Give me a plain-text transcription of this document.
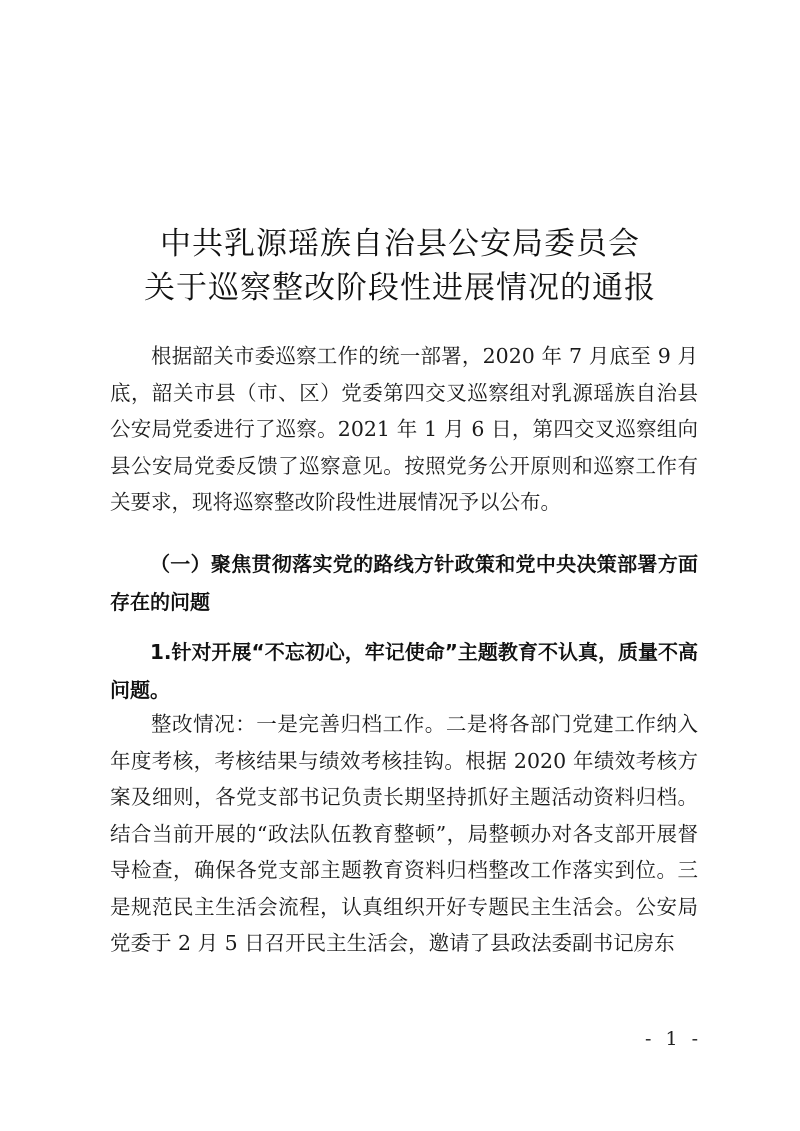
中共乳源瑶族自治县公安局委员会
关于巡察整改阶段性进展情况的通报

根据韶关市委巡察工作的统一部署，2020 年 7 月底至 9 月底，韶关市县（市、区）党委第四交叉巡察组对乳源瑶族自治县公安局党委进行了巡察。2021 年 1 月 6 日，第四交叉巡察组向县公安局党委反馈了巡察意见。按照党务公开原则和巡察工作有关要求，现将巡察整改阶段性进展情况予以公布。

（一）聚焦贯彻落实党的路线方针政策和党中央决策部署方面存在的问题

1.针对开展“不忘初心，牢记使命”主题教育不认真，质量不高问题。

整改情况：一是完善归档工作。二是将各部门党建工作纳入年度考核，考核结果与绩效考核挂钩。根据 2020 年绩效考核方案及细则，各党支部书记负责长期坚持抓好主题活动资料归档。结合当前开展的“政法队伍教育整顿”，局整顿办对各支部开展督导检查，确保各党支部主题教育资料归档整改工作落实到位。三是规范民主生活会流程，认真组织开好专题民主生活会。公安局党委于 2 月 5 日召开民主生活会，邀请了县政法委副书记房东

- 1 -
